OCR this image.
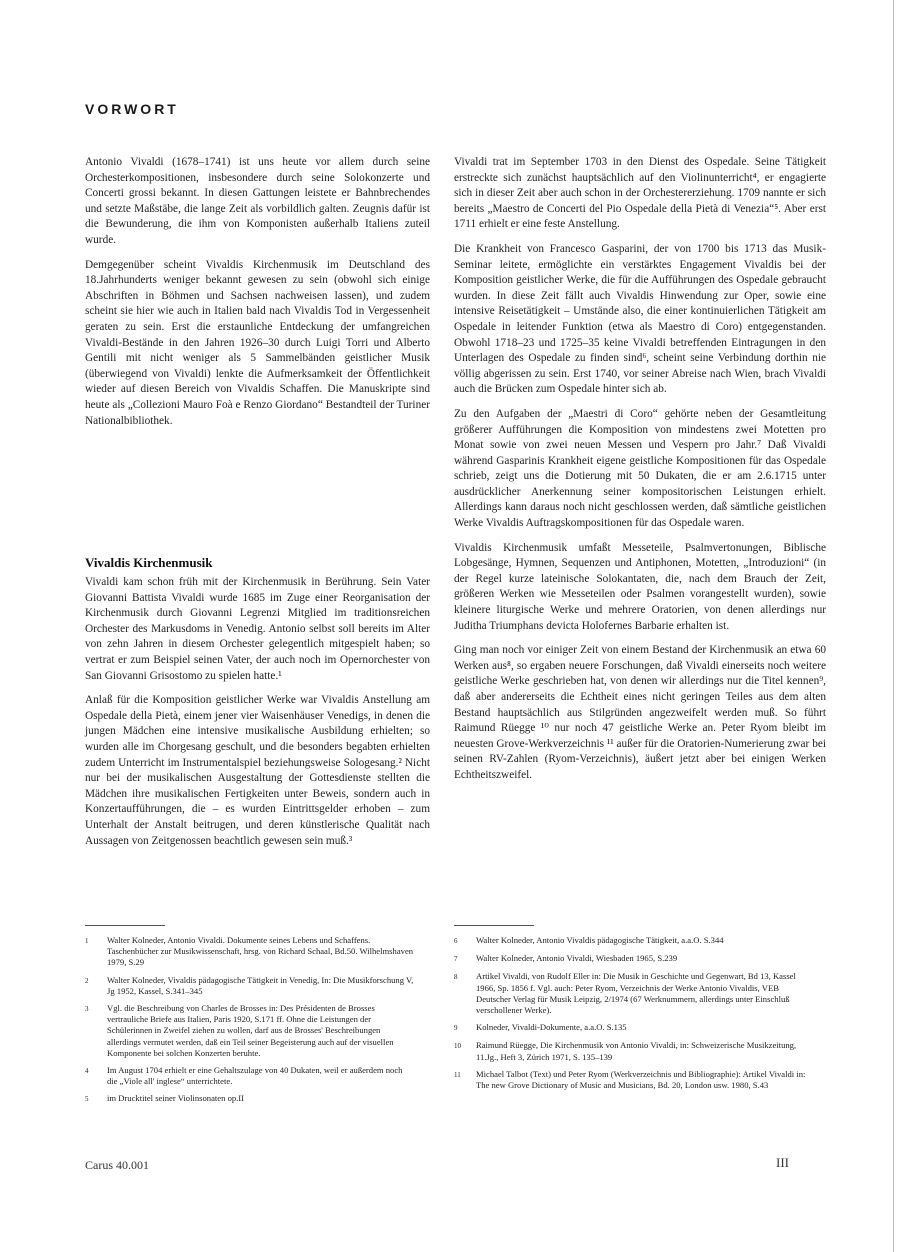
VORWORT

Antonio Vivaldi (1678–1741) ist uns heute vor allem durch seine Orchesterkompositionen, insbesondere durch seine Solokonzerte und Concerti grossi bekannt. In diesen Gattungen leistete er Bahnbrechendes und setzte Maßstäbe, die lange Zeit als vorbildlich galten. Zeugnis dafür ist die Bewunderung, die ihm von Komponisten außerhalb Italiens zuteil wurde.

Demgegenüber scheint Vivaldis Kirchenmusik im Deutschland des 18.Jahrhunderts weniger bekannt gewesen zu sein (obwohl sich einige Abschriften in Böhmen und Sachsen nachweisen lassen), und zudem scheint sie hier wie auch in Italien bald nach Vivaldis Tod in Vergessenheit geraten zu sein. Erst die erstaunliche Entdeckung der umfangreichen Vivaldi-Bestände in den Jahren 1926–30 durch Luigi Torri und Alberto Gentili mit nicht weniger als 5 Sammelbänden geistlicher Musik (überwiegend von Vivaldi) lenkte die Aufmerksamkeit der Öffentlichkeit wieder auf diesen Bereich von Vivaldis Schaffen. Die Manuskripte sind heute als „Collezioni Mauro Foà e Renzo Giordano“ Bestandteil der Turiner Nationalbibliothek.

Vivaldis Kirchenmusik

Vivaldi kam schon früh mit der Kirchenmusik in Berührung. Sein Vater Giovanni Battista Vivaldi wurde 1685 im Zuge einer Reorganisation der Kirchenmusik durch Giovanni Legrenzi Mitglied im traditionsreichen Orchester des Markusdoms in Venedig. Antonio selbst soll bereits im Alter von zehn Jahren in diesem Orchester gelegentlich mitgespielt haben; so vertrat er zum Beispiel seinen Vater, der auch noch im Opernorchester von San Giovanni Grisostomo zu spielen hatte.¹

Anlaß für die Komposition geistlicher Werke war Vivaldis Anstellung am Ospedale della Pietà, einem jener vier Waisenhäuser Venedigs, in denen die jungen Mädchen eine intensive musikalische Ausbildung erhielten; so wurden alle im Chorgesang geschult, und die besonders begabten erhielten zudem Unterricht im Instrumentalspiel beziehungsweise Sologesang.² Nicht nur bei der musikalischen Ausgestaltung der Gottesdienste stellten die Mädchen ihre musikalischen Fertigkeiten unter Beweis, sondern auch in Konzertaufführungen, die – es wurden Eintrittsgelder erhoben – zum Unterhalt der Anstalt beitrugen, und deren künstlerische Qualität nach Aussagen von Zeitgenossen beachtlich gewesen sein muß.³

Vivaldi trat im September 1703 in den Dienst des Ospedale. Seine Tätigkeit erstreckte sich zunächst hauptsächlich auf den Violinunterricht⁴, er engagierte sich in dieser Zeit aber auch schon in der Orchestererziehung. 1709 nannte er sich bereits „Maestro de Concerti del Pio Ospedale della Pietà di Venezia“⁵. Aber erst 1711 erhielt er eine feste Anstellung.

Die Krankheit von Francesco Gasparini, der von 1700 bis 1713 das Musik-Seminar leitete, ermöglichte ein verstärktes Engagement Vivaldis bei der Komposition geistlicher Werke, die für die Aufführungen des Ospedale gebraucht wurden. In diese Zeit fällt auch Vivaldis Hinwendung zur Oper, sowie eine intensive Reisetätigkeit – Umstände also, die einer kontinuierlichen Tätigkeit am Ospedale in leitender Funktion (etwa als Maestro di Coro) entgegenstanden. Obwohl 1718–23 und 1725–35 keine Vivaldi betreffenden Eintragungen in den Unterlagen des Ospedale zu finden sind⁶, scheint seine Verbindung dorthin nie völlig abgerissen zu sein. Erst 1740, vor seiner Abreise nach Wien, brach Vivaldi auch die Brücken zum Ospedale hinter sich ab.

Zu den Aufgaben der „Maestri di Coro“ gehörte neben der Gesamtleitung größerer Aufführungen die Komposition von mindestens zwei Motetten pro Monat sowie von zwei neuen Messen und Vespern pro Jahr.⁷ Daß Vivaldi während Gasparinis Krankheit eigene geistliche Kompositionen für das Ospedale schrieb, zeigt uns die Dotierung mit 50 Dukaten, die er am 2.6.1715 unter ausdrücklicher Anerkennung seiner kompositorischen Leistungen erhielt. Allerdings kann daraus noch nicht geschlossen werden, daß sämtliche geistlichen Werke Vivaldis Auftragskompositionen für das Ospedale waren.

Vivaldis Kirchenmusik umfaßt Messeteile, Psalmvertonungen, Biblische Lobgesänge, Hymnen, Sequenzen und Antiphonen, Motetten, „Introduzioni“ (in der Regel kurze lateinische Solokantaten, die, nach dem Brauch der Zeit, größeren Werken wie Messeteilen oder Psalmen vorangestellt wurden), sowie kleinere liturgische Werke und mehrere Oratorien, von denen allerdings nur Juditha Triumphans devicta Holofernes Barbarie erhalten ist.

Ging man noch vor einiger Zeit von einem Bestand der Kirchenmusik an etwa 60 Werken aus⁸, so ergaben neuere Forschungen, daß Vivaldi einerseits noch weitere geistliche Werke geschrieben hat, von denen wir allerdings nur die Titel kennen⁹, daß aber andererseits die Echtheit eines nicht geringen Teiles aus dem alten Bestand hauptsächlich aus Stilgründen angezweifelt werden muß. So führt Raimund Rüegge ¹⁰ nur noch 47 geistliche Werke an. Peter Ryom bleibt im neuesten Grove-Werkverzeichnis ¹¹ außer für die Oratorien-Numerierung zwar bei seinen RV-Zahlen (Ryom-Verzeichnis), äußert jetzt aber bei einigen Werken Echtheitszweifel.

1	Walter Kolneder, Antonio Vivaldi. Dokumente seines Lebens und Schaffens. Taschenbücher zur Musikwissenschaft, hrsg. von Richard Schaal, Bd.50. Wilhelmshaven 1979, S.29
2	Walter Kolneder, Vivaldis pädagogische Tätigkeit in Venedig, In: Die Musikforschung V, Jg 1952, Kassel, S.341–345
3	Vgl. die Beschreibung von Charles de Brosses in: Des Présidenten de Brosses vertrauliche Briefe aus Italien, Paris 1920, S.171 ff. Ohne die Leistungen der Schülerinnen in Zweifel ziehen zu wollen, darf aus de Brosses' Beschreibungen allerdings vermutet werden, daß ein Teil seiner Begeisterung auch auf der visuellen Komponente bei solchen Konzerten beruhte.
4	Im August 1704 erhielt er eine Gehaltszulage von 40 Dukaten, weil er außerdem noch die „Viole all' inglese“ unterrichtete.
5	im Drucktitel seiner Violinsonaten op.II
6	Walter Kolneder, Antonio Vivaldis pädagogische Tätigkeit, a.a.O. S.344
7	Walter Kolneder, Antonio Vivaldi, Wiesbaden 1965, S.239
8	Artikel Vivaldi, von Rudolf Eller in: Die Musik in Geschichte und Gegenwart, Bd 13, Kassel 1966, Sp. 1856 f. Vgl. auch: Peter Ryom, Verzeichnis der Werke Antonio Vivaldis, VEB Deutscher Verlag für Musik Leipzig, 2/1974 (67 Werknummern, allerdings unter Einschluß verschollener Werke).
9	Kolneder, Vivaldi-Dokumente, a.a.O. S.135
10	Raimund Rüegge, Die Kirchenmusik von Antonio Vivaldi, in: Schweizerische Musikzeitung, 11.Jg., Heft 3, Zürich 1971, S. 135–139
11	Michael Talbot (Text) und Peter Ryom (Werkverzeichnis und Bibliographie): Artikel Vivaldi in: The new Grove Dictionary of Music and Musicians, Bd. 20, London usw. 1980, S.43
Carus 40.001	III
